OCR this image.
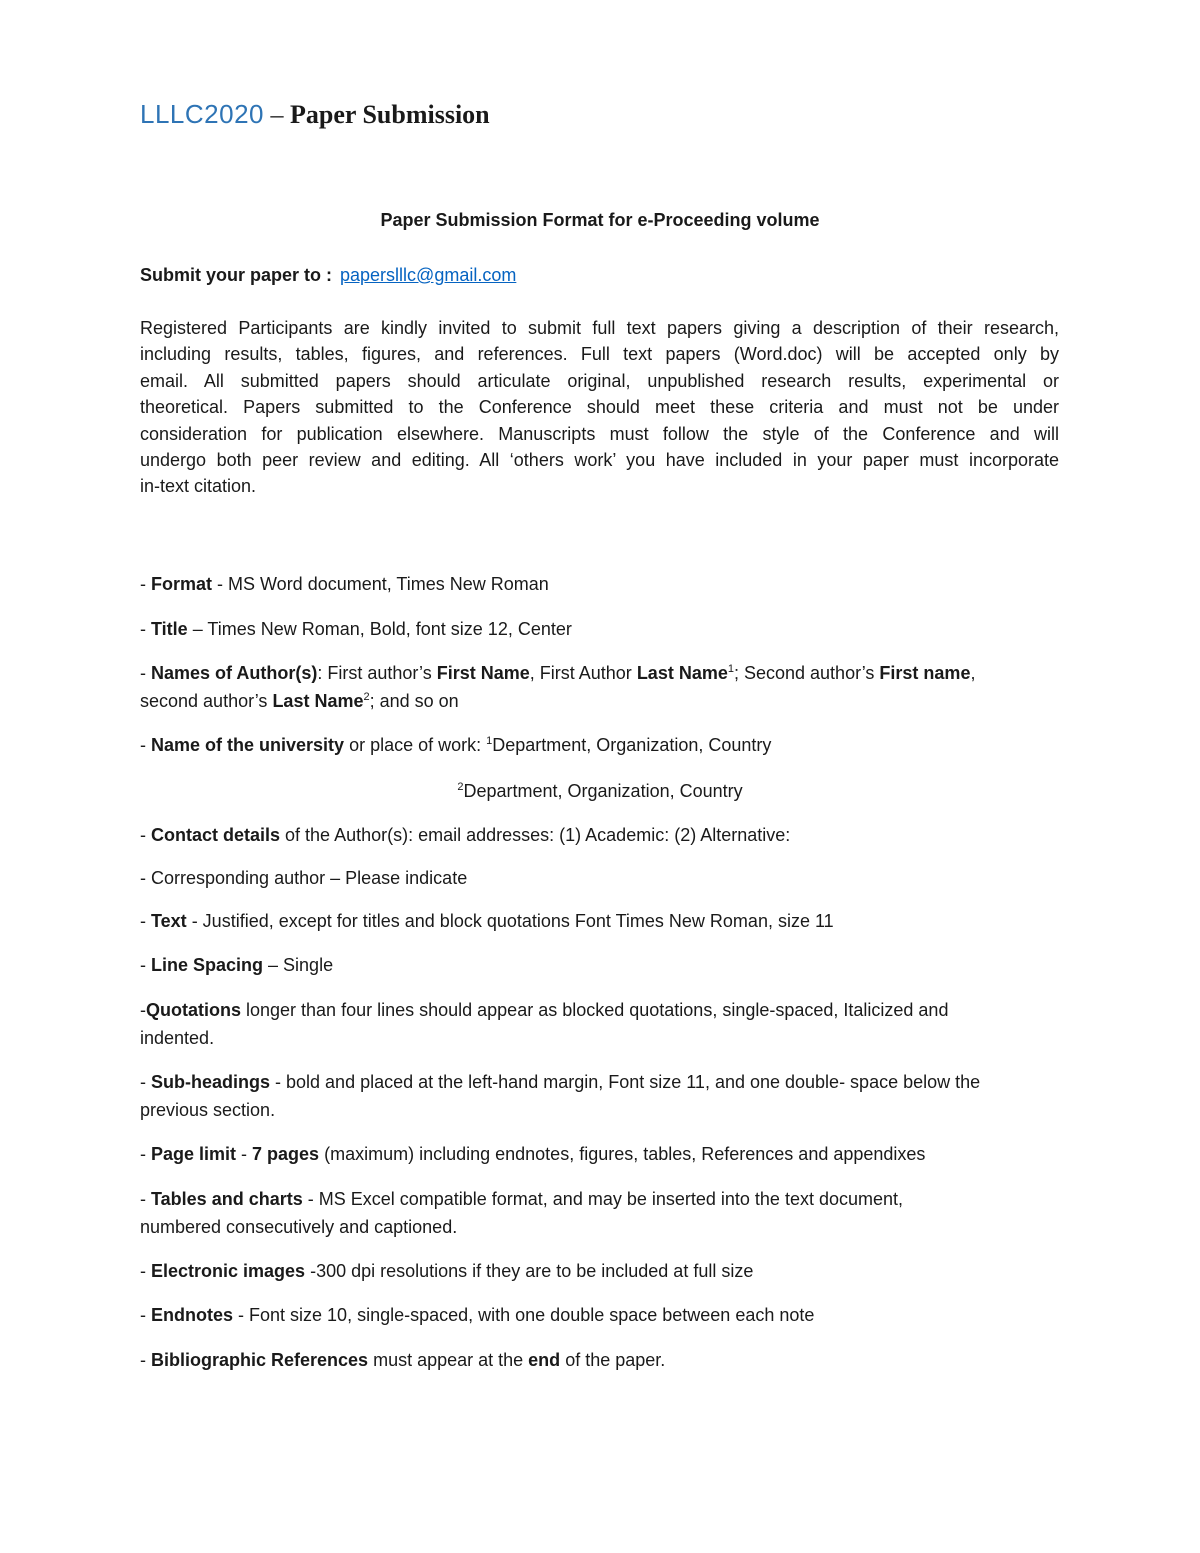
LLLC2020 – Paper Submission
Paper Submission Format for e-Proceeding volume
Submit your paper to : paperslllc@gmail.com
Registered Participants are kindly invited to submit full text papers giving a description of their research,
including results, tables, figures, and references. Full text papers (Word.doc) will be accepted only by
email. All submitted papers should articulate original, unpublished research results, experimental or
theoretical. Papers submitted to the Conference should meet these criteria and must not be under
consideration for publication elsewhere. Manuscripts must follow the style of the Conference and will
undergo both peer review and editing. All ‘others work’ you have included in your paper must incorporate
in-text citation.
- Format - MS Word document, Times New Roman
- Title – Times New Roman, Bold, font size 12, Center
- Names of Author(s): First author’s First Name, First Author Last Name$^1$; Second author’s First name,
second author’s Last Name$^2$; and so on
- Name of the university or place of work: $^1$Department, Organization, Country
$^2$Department, Organization, Country
- Contact details of the Author(s): email addresses: (1) Academic: (2) Alternative:
- Corresponding author – Please indicate
- Text - Justified, except for titles and block quotations Font Times New Roman, size 11
- Line Spacing – Single
-Quotations longer than four lines should appear as blocked quotations, single-spaced, Italicized and
indented.
- Sub-headings - bold and placed at the left-hand margin, Font size 11, and one double- space below the
previous section.
- Page limit - 7 pages (maximum) including endnotes, figures, tables, References and appendixes
- Tables and charts - MS Excel compatible format, and may be inserted into the text document,
numbered consecutively and captioned.
- Electronic images -300 dpi resolutions if they are to be included at full size
- Endnotes - Font size 10, single-spaced, with one double space between each note
- Bibliographic References must appear at the end of the paper.
